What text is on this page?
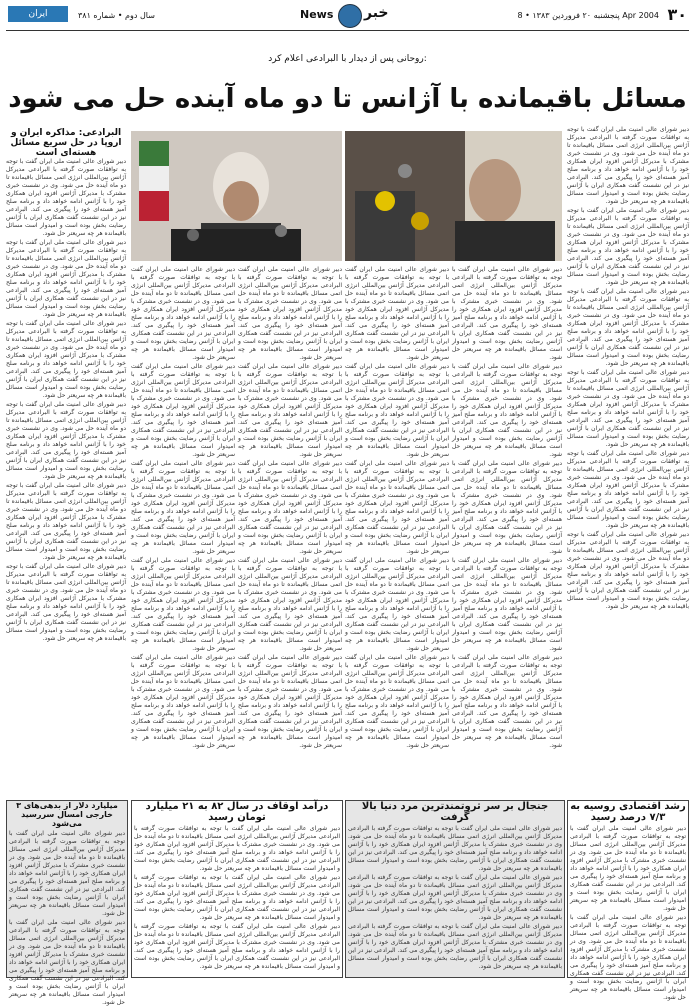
۳۰
پنجشنبه ۲۰ فروردین ۱۳۸۳ • 8 Apr 2004
خبر
News
ایران	سال دوم • شماره ۳۸۱
روحانی پس از دیدار با البرادعی اعلام کرد:
مسائل باقیمانده با آژانس تا دو ماه آینده حل می شود
البرادعی: مذاکره ایران و اروپا در حل سریع مسائل هسته‌ای است

دبیر شورای عالی امنیت ملی ایران گفت با توجه به توافقات صورت گرفته با البرادعی مدیرکل آژانس بین‌المللی انرژی اتمی مسائل باقیمانده تا دو ماه آینده حل می شود. وی در نشست خبری مشترک با مدیرکل آژانس افزود ایران همکاری خود را با آژانس ادامه خواهد داد و برنامه صلح آمیز هسته‌ای خود را پیگیری می کند. البرادعی نیز در این نشست گفت همکاری ایران با آژانس رضایت بخش بوده است و امیدوار است مسائل باقیمانده هر چه سریعتر حل شود.

دبیر شورای عالی امنیت ملی ایران گفت با توجه به توافقات صورت گرفته با البرادعی مدیرکل آژانس بین‌المللی انرژی اتمی مسائل باقیمانده تا دو ماه آینده حل می شود. وی در نشست خبری مشترک با مدیرکل آژانس افزود ایران همکاری خود را با آژانس ادامه خواهد داد و برنامه صلح آمیز هسته‌ای خود را پیگیری می کند. البرادعی نیز در این نشست گفت همکاری ایران با آژانس رضایت بخش بوده است و امیدوار است مسائل باقیمانده هر چه سریعتر حل شود.

دبیر شورای عالی امنیت ملی ایران گفت با توجه به توافقات صورت گرفته با البرادعی مدیرکل آژانس بین‌المللی انرژی اتمی مسائل باقیمانده تا دو ماه آینده حل می شود. وی در نشست خبری مشترک با مدیرکل آژانس افزود ایران همکاری خود را با آژانس ادامه خواهد داد و برنامه صلح آمیز هسته‌ای خود را پیگیری می کند. البرادعی نیز در این نشست گفت همکاری ایران با آژانس رضایت بخش بوده است و امیدوار است مسائل باقیمانده هر چه سریعتر حل شود.

دبیر شورای عالی امنیت ملی ایران گفت با توجه به توافقات صورت گرفته با البرادعی مدیرکل آژانس بین‌المللی انرژی اتمی مسائل باقیمانده تا دو ماه آینده حل می شود. وی در نشست خبری مشترک با مدیرکل آژانس افزود ایران همکاری خود را با آژانس ادامه خواهد داد و برنامه صلح آمیز هسته‌ای خود را پیگیری می کند. البرادعی نیز در این نشست گفت همکاری ایران با آژانس رضایت بخش بوده است و امیدوار است مسائل باقیمانده هر چه سریعتر حل شود.

دبیر شورای عالی امنیت ملی ایران گفت با توجه به توافقات صورت گرفته با البرادعی مدیرکل آژانس بین‌المللی انرژی اتمی مسائل باقیمانده تا دو ماه آینده حل می شود. وی در نشست خبری مشترک با مدیرکل آژانس افزود ایران همکاری خود را با آژانس ادامه خواهد داد و برنامه صلح آمیز هسته‌ای خود را پیگیری می کند. البرادعی نیز در این نشست گفت همکاری ایران با آژانس رضایت بخش بوده است و امیدوار است مسائل باقیمانده هر چه سریعتر حل شود.

دبیر شورای عالی امنیت ملی ایران گفت با توجه به توافقات صورت گرفته با البرادعی مدیرکل آژانس بین‌المللی انرژی اتمی مسائل باقیمانده تا دو ماه آینده حل می شود. وی در نشست خبری مشترک با مدیرکل آژانس افزود ایران همکاری خود را با آژانس ادامه خواهد داد و برنامه صلح آمیز هسته‌ای خود را پیگیری می کند. البرادعی نیز در این نشست گفت همکاری ایران با آژانس رضایت بخش بوده است و امیدوار است مسائل باقیمانده هر چه سریعتر حل شود.

دبیر شورای عالی امنیت ملی ایران گفت با توجه به توافقات صورت گرفته با البرادعی مدیرکل آژانس بین‌المللی انرژی اتمی مسائل باقیمانده تا دو ماه آینده حل می شود. وی در نشست خبری مشترک با مدیرکل آژانس افزود ایران همکاری خود را با آژانس ادامه خواهد داد و برنامه صلح آمیز هسته‌ای خود را پیگیری می کند. البرادعی نیز در این نشست گفت همکاری ایران با آژانس رضایت بخش بوده است و امیدوار است مسائل باقیمانده هر چه سریعتر حل شود.

دبیر شورای عالی امنیت ملی ایران گفت با توجه به توافقات صورت گرفته با البرادعی مدیرکل آژانس بین‌المللی انرژی اتمی مسائل باقیمانده تا دو ماه آینده حل می شود. وی در نشست خبری مشترک با مدیرکل آژانس افزود ایران همکاری خود را با آژانس ادامه خواهد داد و برنامه صلح آمیز هسته‌ای خود را پیگیری می کند. البرادعی نیز در این نشست گفت همکاری ایران با آژانس رضایت بخش بوده است و امیدوار است مسائل باقیمانده هر چه سریعتر حل شود.

دبیر شورای عالی امنیت ملی ایران گفت با توجه به توافقات صورت گرفته با البرادعی مدیرکل آژانس بین‌المللی انرژی اتمی مسائل باقیمانده تا دو ماه آینده حل می شود. وی در نشست خبری مشترک با مدیرکل آژانس افزود ایران همکاری خود را با آژانس ادامه خواهد داد و برنامه صلح آمیز هسته‌ای خود را پیگیری می کند. البرادعی نیز در این نشست گفت همکاری ایران با آژانس رضایت بخش بوده است و امیدوار است مسائل باقیمانده هر چه سریعتر حل شود.

دبیر شورای عالی امنیت ملی ایران گفت با توجه به توافقات صورت گرفته با البرادعی مدیرکل آژانس بین‌المللی انرژی اتمی مسائل باقیمانده تا دو ماه آینده حل می شود. وی در نشست خبری مشترک با مدیرکل آژانس افزود ایران همکاری خود را با آژانس ادامه خواهد داد و برنامه صلح آمیز هسته‌ای خود را پیگیری می کند. البرادعی نیز در این نشست گفت همکاری ایران با آژانس رضایت بخش بوده است و امیدوار است مسائل باقیمانده هر چه سریعتر حل شود.

دبیر شورای عالی امنیت ملی ایران گفت با توجه به توافقات صورت گرفته با البرادعی مدیرکل آژانس بین‌المللی انرژی اتمی مسائل باقیمانده تا دو ماه آینده حل می شود. وی در نشست خبری مشترک با مدیرکل آژانس افزود ایران همکاری خود را با آژانس ادامه خواهد داد و برنامه صلح آمیز هسته‌ای خود را پیگیری می کند. البرادعی نیز در این نشست گفت همکاری ایران با آژانس رضایت بخش بوده است و امیدوار است مسائل باقیمانده هر چه سریعتر حل شود.

دبیر شورای عالی امنیت ملی ایران گفت با توجه به توافقات صورت گرفته با البرادعی مدیرکل آژانس بین‌المللی انرژی اتمی مسائل باقیمانده تا دو ماه آینده حل می شود. وی در نشست خبری مشترک با مدیرکل آژانس افزود ایران همکاری خود را با آژانس ادامه خواهد داد و برنامه صلح آمیز هسته‌ای خود را پیگیری می کند. البرادعی نیز در این نشست گفت همکاری ایران با آژانس رضایت بخش بوده است و امیدوار است مسائل باقیمانده هر چه سریعتر حل شود.

دبیر شورای عالی امنیت ملی ایران گفت با توجه به توافقات صورت گرفته با البرادعی مدیرکل آژانس بین‌المللی انرژی اتمی مسائل باقیمانده تا دو ماه آینده حل می شود. وی در نشست خبری مشترک با مدیرکل آژانس افزود ایران همکاری خود را با آژانس ادامه خواهد داد و برنامه صلح آمیز هسته‌ای خود را پیگیری می کند. البرادعی نیز در این نشست گفت همکاری ایران با آژانس رضایت بخش بوده است و امیدوار است مسائل باقیمانده هر چه سریعتر حل شود.

دبیر شورای عالی امنیت ملی ایران گفت با توجه به توافقات صورت گرفته با البرادعی مدیرکل آژانس بین‌المللی انرژی اتمی مسائل باقیمانده تا دو ماه آینده حل می شود. وی در نشست خبری مشترک با مدیرکل آژانس افزود ایران همکاری خود را با آژانس ادامه خواهد داد و برنامه صلح آمیز هسته‌ای خود را پیگیری می کند. البرادعی نیز در این نشست گفت همکاری ایران با آژانس رضایت بخش بوده است و امیدوار است مسائل باقیمانده هر چه سریعتر حل شود.

دبیر شورای عالی امنیت ملی ایران گفت با توجه به توافقات صورت گرفته با البرادعی مدیرکل آژانس بین‌المللی انرژی اتمی مسائل باقیمانده تا دو ماه آینده حل می شود. وی در نشست خبری مشترک با مدیرکل آژانس افزود ایران همکاری خود را با آژانس ادامه خواهد داد و برنامه صلح آمیز هسته‌ای خود را پیگیری می کند. البرادعی نیز در این نشست گفت همکاری ایران با آژانس رضایت بخش بوده است و امیدوار است مسائل باقیمانده هر چه سریعتر حل شود.

دبیر شورای عالی امنیت ملی ایران گفت با توجه به توافقات صورت گرفته با البرادعی مدیرکل آژانس بین‌المللی انرژی اتمی مسائل باقیمانده تا دو ماه آینده حل می شود. وی در نشست خبری مشترک با مدیرکل آژانس افزود ایران همکاری خود را با آژانس ادامه خواهد داد و برنامه صلح آمیز هسته‌ای خود را پیگیری می کند. البرادعی نیز در این نشست گفت همکاری ایران با آژانس رضایت بخش بوده است و امیدوار است مسائل باقیمانده هر چه سریعتر حل شود.

دبیر شورای عالی امنیت ملی ایران گفت با توجه به توافقات صورت گرفته با البرادعی مدیرکل آژانس بین‌المللی انرژی اتمی مسائل باقیمانده تا دو ماه آینده حل می شود. وی در نشست خبری مشترک با مدیرکل آژانس افزود ایران همکاری خود را با آژانس ادامه خواهد داد و برنامه صلح آمیز هسته‌ای خود را پیگیری می کند. البرادعی نیز در این نشست گفت همکاری ایران با آژانس رضایت بخش بوده است و امیدوار است مسائل باقیمانده هر چه سریعتر حل شود.

دبیر شورای عالی امنیت ملی ایران گفت با توجه به توافقات صورت گرفته با البرادعی مدیرکل آژانس بین‌المللی انرژی اتمی مسائل باقیمانده تا دو ماه آینده حل می شود. وی در نشست خبری مشترک با مدیرکل آژانس افزود ایران همکاری خود را با آژانس ادامه خواهد داد و برنامه صلح آمیز هسته‌ای خود را پیگیری می کند. البرادعی نیز در این نشست گفت همکاری ایران با آژانس رضایت بخش بوده است و امیدوار است مسائل باقیمانده هر چه سریعتر حل شود.

دبیر شورای عالی امنیت ملی ایران گفت با توجه به توافقات صورت گرفته با البرادعی مدیرکل آژانس بین‌المللی انرژی اتمی مسائل باقیمانده تا دو ماه آینده حل می شود. وی در نشست خبری مشترک با مدیرکل آژانس افزود ایران همکاری خود را با آژانس ادامه خواهد داد و برنامه صلح آمیز هسته‌ای خود را پیگیری می کند. البرادعی نیز در این نشست گفت همکاری ایران با آژانس رضایت بخش بوده است و امیدوار است مسائل باقیمانده هر چه سریعتر حل شود.

دبیر شورای عالی امنیت ملی ایران گفت با توجه به توافقات صورت گرفته با البرادعی مدیرکل آژانس بین‌المللی انرژی اتمی مسائل باقیمانده تا دو ماه آینده حل می شود. وی در نشست خبری مشترک با مدیرکل آژانس افزود ایران همکاری خود را با آژانس ادامه خواهد داد و برنامه صلح آمیز هسته‌ای خود را پیگیری می کند. البرادعی نیز در این نشست گفت همکاری ایران با آژانس رضایت بخش بوده است و امیدوار است مسائل باقیمانده هر چه سریعتر حل شود.

دبیر شورای عالی امنیت ملی ایران گفت با توجه به توافقات صورت گرفته با البرادعی مدیرکل آژانس بین‌المللی انرژی اتمی مسائل باقیمانده تا دو ماه آینده حل می شود. وی در نشست خبری مشترک با مدیرکل آژانس افزود ایران همکاری خود را با آژانس ادامه خواهد داد و برنامه صلح آمیز هسته‌ای خود را پیگیری می کند. البرادعی نیز در این نشست گفت همکاری ایران با آژانس رضایت بخش بوده است و امیدوار است مسائل باقیمانده هر چه سریعتر حل شود.

دبیر شورای عالی امنیت ملی ایران گفت با توجه به توافقات صورت گرفته با البرادعی مدیرکل آژانس بین‌المللی انرژی اتمی مسائل باقیمانده تا دو ماه آینده حل می شود. وی در نشست خبری مشترک با مدیرکل آژانس افزود ایران همکاری خود را با آژانس ادامه خواهد داد و برنامه صلح آمیز هسته‌ای خود را پیگیری می کند. البرادعی نیز در این نشست گفت همکاری ایران با آژانس رضایت بخش بوده است و امیدوار است مسائل باقیمانده هر چه سریعتر حل شود.

دبیر شورای عالی امنیت ملی ایران گفت با توجه به توافقات صورت گرفته با البرادعی مدیرکل آژانس بین‌المللی انرژی اتمی مسائل باقیمانده تا دو ماه آینده حل می شود. وی در نشست خبری مشترک با مدیرکل آژانس افزود ایران همکاری خود را با آژانس ادامه خواهد داد و برنامه صلح آمیز هسته‌ای خود را پیگیری می کند. البرادعی نیز در این نشست گفت همکاری ایران با آژانس رضایت بخش بوده است و امیدوار است مسائل باقیمانده هر چه سریعتر حل شود.

دبیر شورای عالی امنیت ملی ایران گفت با توجه به توافقات صورت گرفته با البرادعی مدیرکل آژانس بین‌المللی انرژی اتمی مسائل باقیمانده تا دو ماه آینده حل می شود. وی در نشست خبری مشترک با مدیرکل آژانس افزود ایران همکاری خود را با آژانس ادامه خواهد داد و برنامه صلح آمیز هسته‌ای خود را پیگیری می کند. البرادعی نیز در این نشست گفت همکاری ایران با آژانس رضایت بخش بوده است و امیدوار است مسائل باقیمانده هر چه سریعتر حل شود.

دبیر شورای عالی امنیت ملی ایران گفت با توجه به توافقات صورت گرفته با البرادعی مدیرکل آژانس بین‌المللی انرژی اتمی مسائل باقیمانده تا دو ماه آینده حل می شود. وی در نشست خبری مشترک با مدیرکل آژانس افزود ایران همکاری خود را با آژانس ادامه خواهد داد و برنامه صلح آمیز هسته‌ای خود را پیگیری می کند. البرادعی نیز در این نشست گفت همکاری ایران با آژانس رضایت بخش بوده است و امیدوار است مسائل باقیمانده هر چه سریعتر حل شود.

دبیر شورای عالی امنیت ملی ایران گفت با توجه به توافقات صورت گرفته با البرادعی مدیرکل آژانس بین‌المللی انرژی اتمی مسائل باقیمانده تا دو ماه آینده حل می شود. وی در نشست خبری مشترک با مدیرکل آژانس افزود ایران همکاری خود را با آژانس ادامه خواهد داد و برنامه صلح آمیز هسته‌ای خود را پیگیری می کند. البرادعی نیز در این نشست گفت همکاری ایران با آژانس رضایت بخش بوده است و امیدوار است مسائل باقیمانده هر چه سریعتر حل شود.

دبیر شورای عالی امنیت ملی ایران گفت با توجه به توافقات صورت گرفته با البرادعی مدیرکل آژانس بین‌المللی انرژی اتمی مسائل باقیمانده تا دو ماه آینده حل می شود. وی در نشست خبری مشترک با مدیرکل آژانس افزود ایران همکاری خود را با آژانس ادامه خواهد داد و برنامه صلح آمیز هسته‌ای خود را پیگیری می کند. البرادعی نیز در این نشست گفت همکاری ایران با آژانس رضایت بخش بوده است و امیدوار است مسائل باقیمانده هر چه سریعتر حل شود.

دبیر شورای عالی امنیت ملی ایران گفت با توجه به توافقات صورت گرفته با البرادعی مدیرکل آژانس بین‌المللی انرژی اتمی مسائل باقیمانده تا دو ماه آینده حل می شود. وی در نشست خبری مشترک با مدیرکل آژانس افزود ایران همکاری خود را با آژانس ادامه خواهد داد و برنامه صلح آمیز هسته‌ای خود را پیگیری می کند. البرادعی نیز در این نشست گفت همکاری ایران با آژانس رضایت بخش بوده است و امیدوار است مسائل باقیمانده هر چه سریعتر حل شود.

دبیر شورای عالی امنیت ملی ایران گفت با توجه به توافقات صورت گرفته با البرادعی مدیرکل آژانس بین‌المللی انرژی اتمی مسائل باقیمانده تا دو ماه آینده حل می شود. وی در نشست خبری مشترک با مدیرکل آژانس افزود ایران همکاری خود را با آژانس ادامه خواهد داد و برنامه صلح آمیز هسته‌ای خود را پیگیری می کند. البرادعی نیز در این نشست گفت همکاری ایران با آژانس رضایت بخش بوده است و امیدوار است مسائل باقیمانده هر چه سریعتر حل شود.

دبیر شورای عالی امنیت ملی ایران گفت با توجه به توافقات صورت گرفته با البرادعی مدیرکل آژانس بین‌المللی انرژی اتمی مسائل باقیمانده تا دو ماه آینده حل می شود. وی در نشست خبری مشترک با مدیرکل آژانس افزود ایران همکاری خود را با آژانس ادامه خواهد داد و برنامه صلح آمیز هسته‌ای خود را پیگیری می کند. البرادعی نیز در این نشست گفت همکاری ایران با آژانس رضایت بخش بوده است و امیدوار است مسائل باقیمانده هر چه سریعتر حل شود.

دبیر شورای عالی امنیت ملی ایران گفت با توجه به توافقات صورت گرفته با البرادعی مدیرکل آژانس بین‌المللی انرژی اتمی مسائل باقیمانده تا دو ماه آینده حل می شود. وی در نشست خبری مشترک با مدیرکل آژانس افزود ایران همکاری خود را با آژانس ادامه خواهد داد و برنامه صلح آمیز هسته‌ای خود را پیگیری می کند. البرادعی نیز در این نشست گفت همکاری ایران با آژانس رضایت بخش بوده است و امیدوار است مسائل باقیمانده هر چه سریعتر حل شود.

دبیر شورای عالی امنیت ملی ایران گفت با توجه به توافقات صورت گرفته با البرادعی مدیرکل آژانس بین‌المللی انرژی اتمی مسائل باقیمانده تا دو ماه آینده حل می شود. وی در نشست خبری مشترک با مدیرکل آژانس افزود ایران همکاری خود را با آژانس ادامه خواهد داد و برنامه صلح آمیز هسته‌ای خود را پیگیری می کند. البرادعی نیز در این نشست گفت همکاری ایران با آژانس رضایت بخش بوده است و امیدوار است مسائل باقیمانده هر چه سریعتر حل شود.

رشد اقتصادی روسیه به ۷/۳ درصد رسید

دبیر شورای عالی امنیت ملی ایران گفت با توجه به توافقات صورت گرفته با البرادعی مدیرکل آژانس بین‌المللی انرژی اتمی مسائل باقیمانده تا دو ماه آینده حل می شود. وی در نشست خبری مشترک با مدیرکل آژانس افزود ایران همکاری خود را با آژانس ادامه خواهد داد و برنامه صلح آمیز هسته‌ای خود را پیگیری می کند. البرادعی نیز در این نشست گفت همکاری ایران با آژانس رضایت بخش بوده است و امیدوار است مسائل باقیمانده هر چه سریعتر حل شود.

دبیر شورای عالی امنیت ملی ایران گفت با توجه به توافقات صورت گرفته با البرادعی مدیرکل آژانس بین‌المللی انرژی اتمی مسائل باقیمانده تا دو ماه آینده حل می شود. وی در نشست خبری مشترک با مدیرکل آژانس افزود ایران همکاری خود را با آژانس ادامه خواهد داد و برنامه صلح آمیز هسته‌ای خود را پیگیری می کند. البرادعی نیز در این نشست گفت همکاری ایران با آژانس رضایت بخش بوده است و امیدوار است مسائل باقیمانده هر چه سریعتر حل شود.

جنجال بر سر ثروتمندترین مرد دنیا بالا گرفت

دبیر شورای عالی امنیت ملی ایران گفت با توجه به توافقات صورت گرفته با البرادعی مدیرکل آژانس بین‌المللی انرژی اتمی مسائل باقیمانده تا دو ماه آینده حل می شود. وی در نشست خبری مشترک با مدیرکل آژانس افزود ایران همکاری خود را با آژانس ادامه خواهد داد و برنامه صلح آمیز هسته‌ای خود را پیگیری می کند. البرادعی نیز در این نشست گفت همکاری ایران با آژانس رضایت بخش بوده است و امیدوار است مسائل باقیمانده هر چه سریعتر حل شود.

دبیر شورای عالی امنیت ملی ایران گفت با توجه به توافقات صورت گرفته با البرادعی مدیرکل آژانس بین‌المللی انرژی اتمی مسائل باقیمانده تا دو ماه آینده حل می شود. وی در نشست خبری مشترک با مدیرکل آژانس افزود ایران همکاری خود را با آژانس ادامه خواهد داد و برنامه صلح آمیز هسته‌ای خود را پیگیری می کند. البرادعی نیز در این نشست گفت همکاری ایران با آژانس رضایت بخش بوده است و امیدوار است مسائل باقیمانده هر چه سریعتر حل شود.

دبیر شورای عالی امنیت ملی ایران گفت با توجه به توافقات صورت گرفته با البرادعی مدیرکل آژانس بین‌المللی انرژی اتمی مسائل باقیمانده تا دو ماه آینده حل می شود. وی در نشست خبری مشترک با مدیرکل آژانس افزود ایران همکاری خود را با آژانس ادامه خواهد داد و برنامه صلح آمیز هسته‌ای خود را پیگیری می کند. البرادعی نیز در این نشست گفت همکاری ایران با آژانس رضایت بخش بوده است و امیدوار است مسائل باقیمانده هر چه سریعتر حل شود.

درآمد اوقاف در سال ۸۲ به ۲۱ میلیارد تومان رسید

دبیر شورای عالی امنیت ملی ایران گفت با توجه به توافقات صورت گرفته با البرادعی مدیرکل آژانس بین‌المللی انرژی اتمی مسائل باقیمانده تا دو ماه آینده حل می شود. وی در نشست خبری مشترک با مدیرکل آژانس افزود ایران همکاری خود را با آژانس ادامه خواهد داد و برنامه صلح آمیز هسته‌ای خود را پیگیری می کند. البرادعی نیز در این نشست گفت همکاری ایران با آژانس رضایت بخش بوده است و امیدوار است مسائل باقیمانده هر چه سریعتر حل شود.

دبیر شورای عالی امنیت ملی ایران گفت با توجه به توافقات صورت گرفته با البرادعی مدیرکل آژانس بین‌المللی انرژی اتمی مسائل باقیمانده تا دو ماه آینده حل می شود. وی در نشست خبری مشترک با مدیرکل آژانس افزود ایران همکاری خود را با آژانس ادامه خواهد داد و برنامه صلح آمیز هسته‌ای خود را پیگیری می کند. البرادعی نیز در این نشست گفت همکاری ایران با آژانس رضایت بخش بوده است و امیدوار است مسائل باقیمانده هر چه سریعتر حل شود.

دبیر شورای عالی امنیت ملی ایران گفت با توجه به توافقات صورت گرفته با البرادعی مدیرکل آژانس بین‌المللی انرژی اتمی مسائل باقیمانده تا دو ماه آینده حل می شود. وی در نشست خبری مشترک با مدیرکل آژانس افزود ایران همکاری خود را با آژانس ادامه خواهد داد و برنامه صلح آمیز هسته‌ای خود را پیگیری می کند. البرادعی نیز در این نشست گفت همکاری ایران با آژانس رضایت بخش بوده است و امیدوار است مسائل باقیمانده هر چه سریعتر حل شود.

۳ میلیارد دلار از بدهی‌های خارجی امسال سررسید می‌شود

دبیر شورای عالی امنیت ملی ایران گفت با توجه به توافقات صورت گرفته با البرادعی مدیرکل آژانس بین‌المللی انرژی اتمی مسائل باقیمانده تا دو ماه آینده حل می شود. وی در نشست خبری مشترک با مدیرکل آژانس افزود ایران همکاری خود را با آژانس ادامه خواهد داد و برنامه صلح آمیز هسته‌ای خود را پیگیری می کند. البرادعی نیز در این نشست گفت همکاری ایران با آژانس رضایت بخش بوده است و امیدوار است مسائل باقیمانده هر چه سریعتر حل شود.

دبیر شورای عالی امنیت ملی ایران گفت با توجه به توافقات صورت گرفته با البرادعی مدیرکل آژانس بین‌المللی انرژی اتمی مسائل باقیمانده تا دو ماه آینده حل می شود. وی در نشست خبری مشترک با مدیرکل آژانس افزود ایران همکاری خود را با آژانس ادامه خواهد داد و برنامه صلح آمیز هسته‌ای خود را پیگیری می کند. البرادعی نیز در این نشست گفت همکاری ایران با آژانس رضایت بخش بوده است و امیدوار است مسائل باقیمانده هر چه سریعتر حل شود.
